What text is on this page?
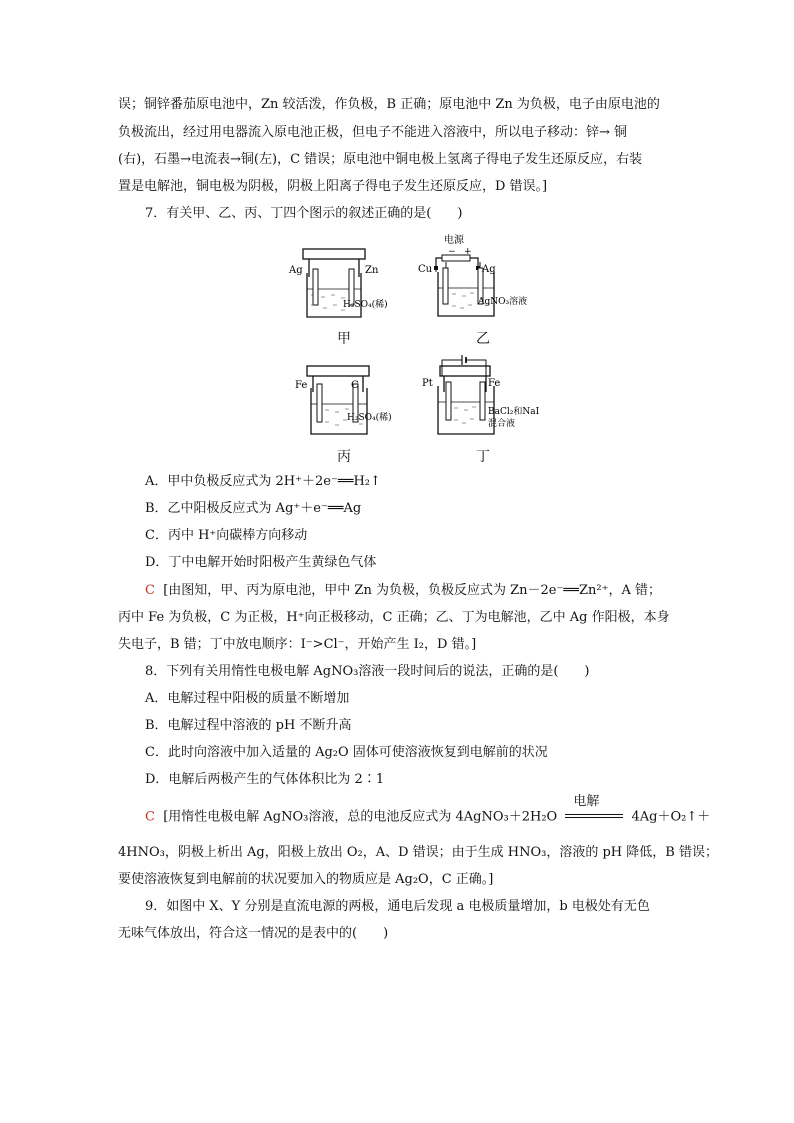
误；铜锌番茄原电池中，Zn 较活泼，作负极，B 正确；原电池中 Zn 为负极，电子由原电池的
负极流出，经过用电器流入原电池正极，但电子不能进入溶液中，所以电子移动：锌→ 铜
(右)，石墨→电流表→铜(左)，C 错误；原电池中铜电极上氢离子得电子发生还原反应，右装
置是电解池，铜电极为阴极，阴极上阳离子得电子发生还原反应，D 错误。]
7．有关甲、乙、丙、丁四个图示的叙述正确的是(　　)
Ag	Zn
H₂SO₄(稀)
甲
电源
− +
Cu	Ag
AgNO₃溶液
乙
Fe	C
H₂SO₄(稀)
丙
Pt	Fe
BaCl₂和NaI
混合液
丁
A．甲中负极反应式为 2H⁺＋2e⁻══H₂↑
B．乙中阳极反应式为 Ag⁺＋e⁻══Ag
C．丙中 H⁺向碳棒方向移动
D．丁中电解开始时阳极产生黄绿色气体
C [由图知，甲、丙为原电池，甲中 Zn 为负极，负极反应式为 Zn－2e⁻══Zn²⁺，A 错；
丙中 Fe 为负极，C 为正极，H⁺向正极移动，C 正确；乙、丁为电解池，乙中 Ag 作阳极，本身
失电子，B 错；丁中放电顺序：I⁻>Cl⁻，开始产生 I₂，D 错。]
8．下列有关用惰性电极电解 AgNO₃溶液一段时间后的说法，正确的是(　　)
A．电解过程中阳极的质量不断增加
B．电解过程中溶液的 pH 不断升高
C．此时向溶液中加入适量的 Ag₂O 固体可使溶液恢复到电解前的状况
D．电解后两极产生的气体体积比为 2∶1
C [用惰性电极电解 AgNO₃溶液，总的电池反应式为 4AgNO₃＋2H₂O
电解
4Ag＋O₂↑＋
4HNO₃，阴极上析出 Ag，阳极上放出 O₂，A、D 错误；由于生成 HNO₃，溶液的 pH 降低，B 错误；
要使溶液恢复到电解前的状况要加入的物质应是 Ag₂O，C 正确。]
9．如图中 X、Y 分别是直流电源的两极，通电后发现 a 电极质量增加，b 电极处有无色
无味气体放出，符合这一情况的是表中的(　　)
